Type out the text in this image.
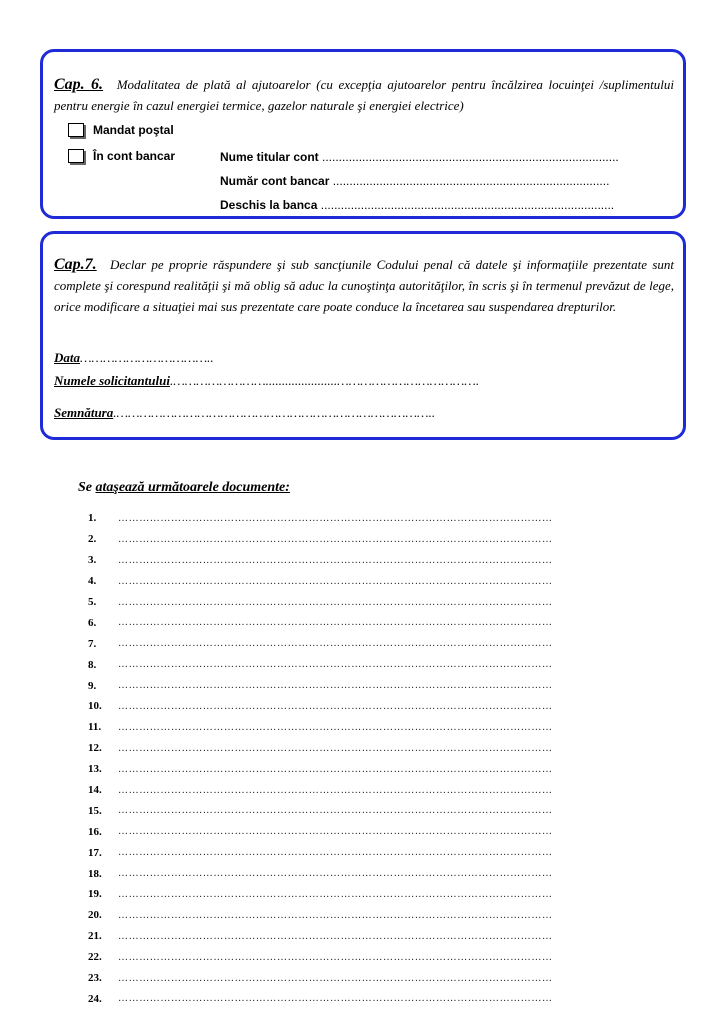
Cap. 6. Modalitatea de plată al ajutoarelor (cu excepţia ajutoarelor pentru încălzirea locuinţei /suplimentului pentru energie în cazul energiei termice, gazelor naturale şi energiei electrice)
Mandat poştal
În cont bancar	Nume titular cont .........................................................................................
Număr cont bancar ...................................................................................
Deschis la banca ........................................................................................
Cap.7. Declar pe proprie răspundere şi sub sancţiunile Codului penal că datele şi informaţiile prezentate sunt complete şi corespund realităţii şi mă oblig să aduc la cunoştinţa autorităţilor, în scris şi în termenul prevăzut de lege, orice modificare a situaţiei mai sus prezentate care poate conduce la încetarea sau suspendarea drepturilor.
Data……………………………..
Numele solicitantului.……………………......................……………………………….
Semnătura.………………………………………………………………………..
Se ataşează următoarele documente:
1.	……………………………………………………………………………………………………………
2.	……………………………………………………………………………………………………………
3.	……………………………………………………………………………………………………………
4.	……………………………………………………………………………………………………………
5.	……………………………………………………………………………………………………………
6.	……………………………………………………………………………………………………………
7.	……………………………………………………………………………………………………………
8.	……………………………………………………………………………………………………………
9.	……………………………………………………………………………………………………………
10.	……………………………………………………………………………………………………………
11.	……………………………………………………………………………………………………………
12.	……………………………………………………………………………………………………………
13.	……………………………………………………………………………………………………………
14.	……………………………………………………………………………………………………………
15.	……………………………………………………………………………………………………………
16.	……………………………………………………………………………………………………………
17.	……………………………………………………………………………………………………………
18.	……………………………………………………………………………………………………………
19.	……………………………………………………………………………………………………………
20.	……………………………………………………………………………………………………………
21.	……………………………………………………………………………………………………………
22.	……………………………………………………………………………………………………………
23.	……………………………………………………………………………………………………………
24.	……………………………………………………………………………………………………………
